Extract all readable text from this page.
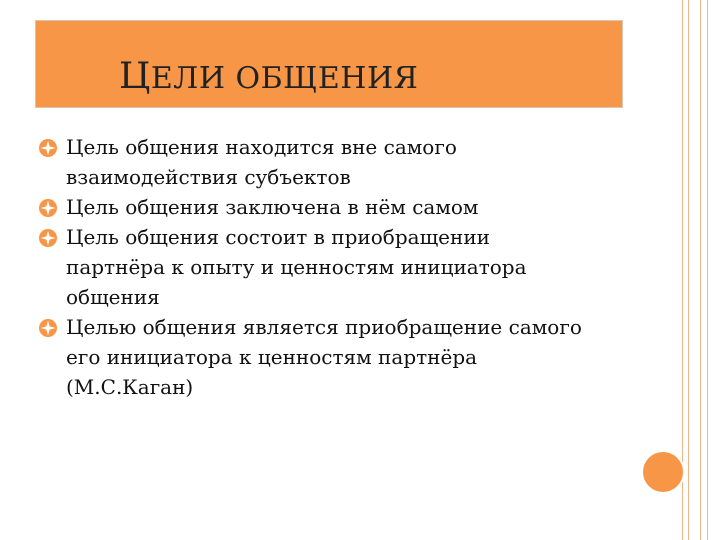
ЦЕЛИ ОБЩЕНИЯ
Цель общения находится вне самого
взаимодействия субъектов
Цель общения заключена в нём самом
Цель общения состоит в приобращении
партнёра к опыту и ценностям инициатора
общения
Целью общения является приобращение самого
его инициатора к ценностям партнёра
(М.С.Каган)
